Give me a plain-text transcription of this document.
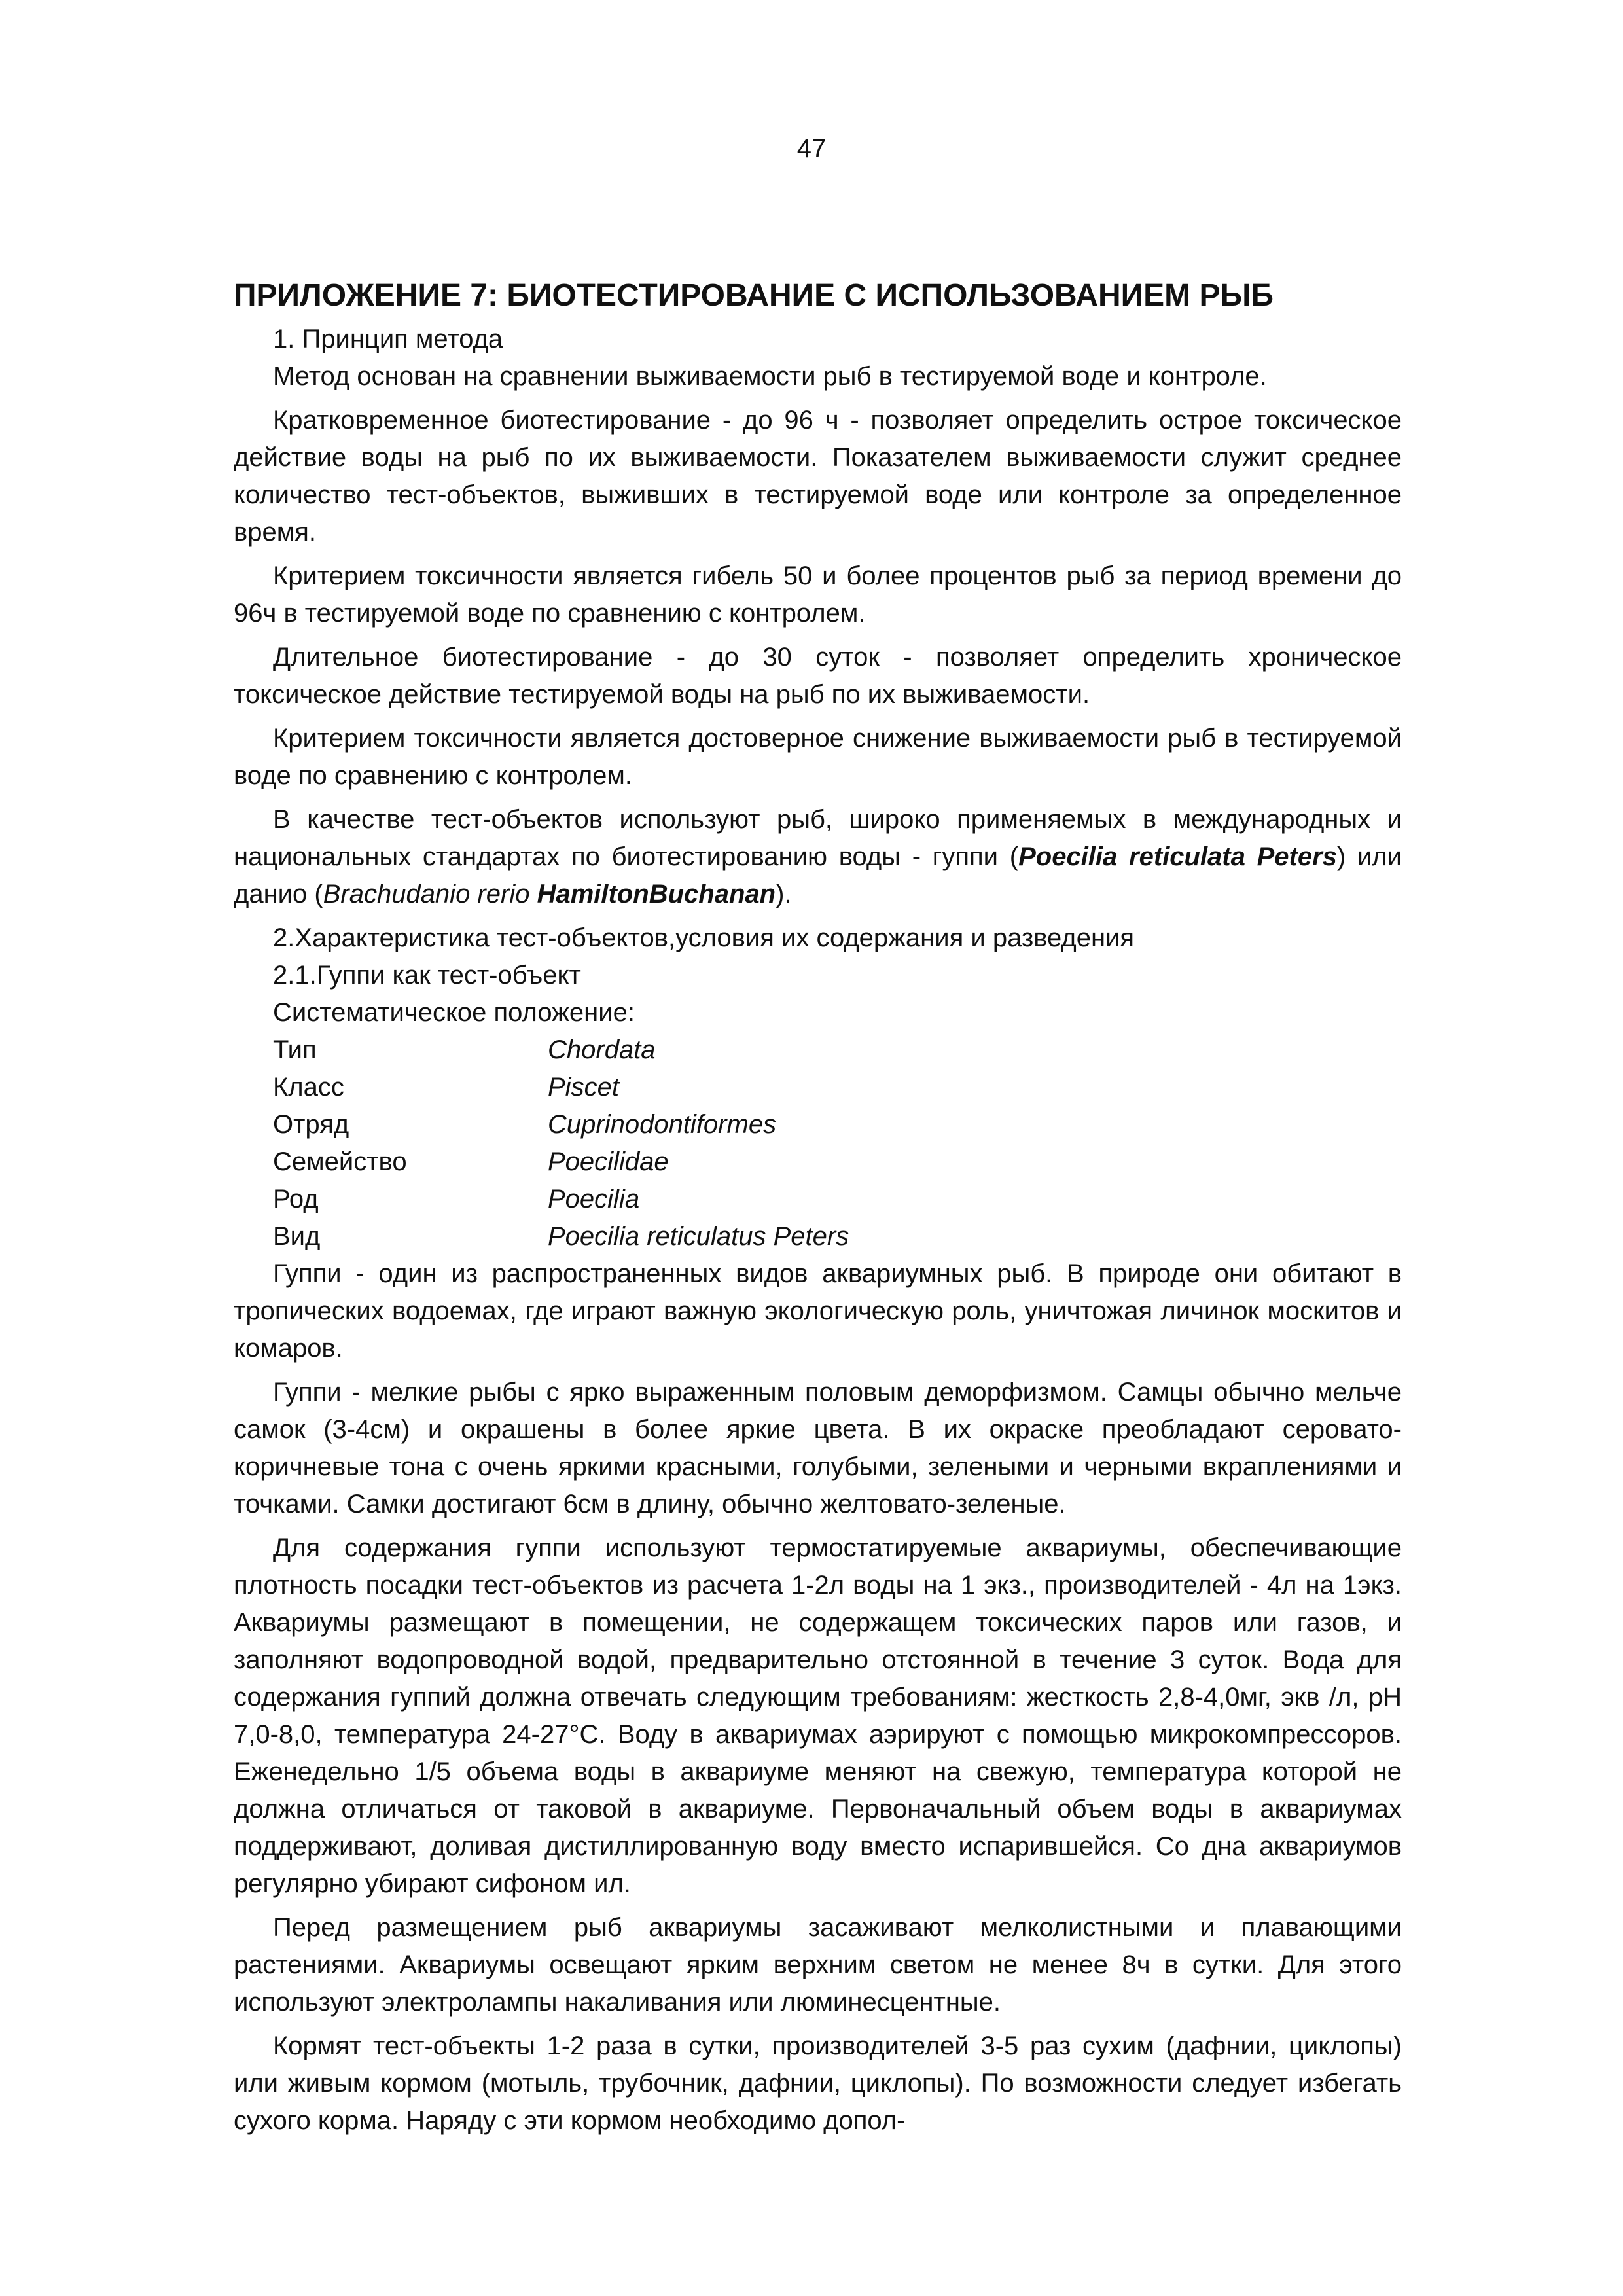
47
ПРИЛОЖЕНИЕ 7: БИОТЕСТИРОВАНИЕ С ИСПОЛЬЗОВАНИЕМ РЫБ
1. Принцип метода

Метод основан на сравнении выживаемости рыб в тестируемой воде и контроле.

Кратковременное биотестирование - до 96 ч - позволяет определить острое токсическое действие воды на рыб по их выживаемости. Показателем выживаемости служит среднее количество тест-объектов, выживших в тестируемой воде или контроле за определенное время.

Критерием токсичности является гибель 50 и более процентов рыб за период времени до 96ч в тестируемой воде по сравнению с контролем.

Длительное биотестирование - до 30 суток - позволяет определить хроническое токсическое действие тестируемой воды на рыб по их выживаемости.

Критерием токсичности является достоверное снижение выживаемости рыб в тестируемой воде по сравнению с контролем.

В качестве тест-объектов используют рыб, широко применяемых в международных и национальных стандартах по биотестированию воды - гуппи (Poecilia reticulata Peters) или данио (Brachudanio rerio HamiltonBuchanan).

2.Характеристика тест-объектов,условия их содержания и разведения
2.1.Гуппи как тест-объект
Систематическое положение:
Тип	Chordata
Класс	Piscet
Отряд	Cuprinodontiformes
Семейство	Poecilidae
Род	Poecilia
Вид	Poecilia reticulatus Peters

Гуппи - один из распространенных видов аквариумных рыб. В природе они обитают в тропических водоемах, где играют важную экологическую роль, уничтожая личинок москитов и комаров.

Гуппи - мелкие рыбы с ярко выраженным половым деморфизмом. Самцы обычно мельче самок (3-4см) и окрашены в более яркие цвета. В их окраске преобладают серовато-коричневые тона с очень яркими красными, голубыми, зелеными и черными вкраплениями и точками. Самки достигают 6см в длину, обычно желтовато-зеленые.

Для содержания гуппи используют термостатируемые аквариумы, обеспечивающие плотность посадки тест-объектов из расчета 1-2л воды на 1 экз., производителей - 4л на 1экз. Аквариумы размещают в помещении, не содержащем токсических паров или газов, и заполняют водопроводной водой, предварительно отстоянной в течение 3 суток. Вода для содержания гуппий должна отвечать следующим требованиям: жесткость 2,8-4,0мг, экв /л, pH 7,0-8,0, температура 24-27°С. Воду в аквариумах аэрируют с помощью микрокомпрессоров. Еженeдельно 1/5 объема воды в аквариуме меняют на свежую, температура которой не должна отличаться от таковой в аквариуме. Первоначальный объем воды в аквариумах поддерживают, доливая дистиллированную воду вместо испарившейся. Со дна аквариумов регулярно убирают сифоном ил.

Перед размещением рыб аквариумы засаживают мелколистными и плавающими растениями. Аквариумы освещают ярким верхним светом не менее 8ч в сутки. Для этого используют электролампы накаливания или люминесцентные.

Кормят тест-объекты 1-2 раза в сутки, производителей 3-5 раз сухим (дафнии, циклопы) или живым кормом (мотыль, трубочник, дафнии, циклопы). По возможности следует избегать сухого корма. Наряду с эти кормом необходимо допол-
